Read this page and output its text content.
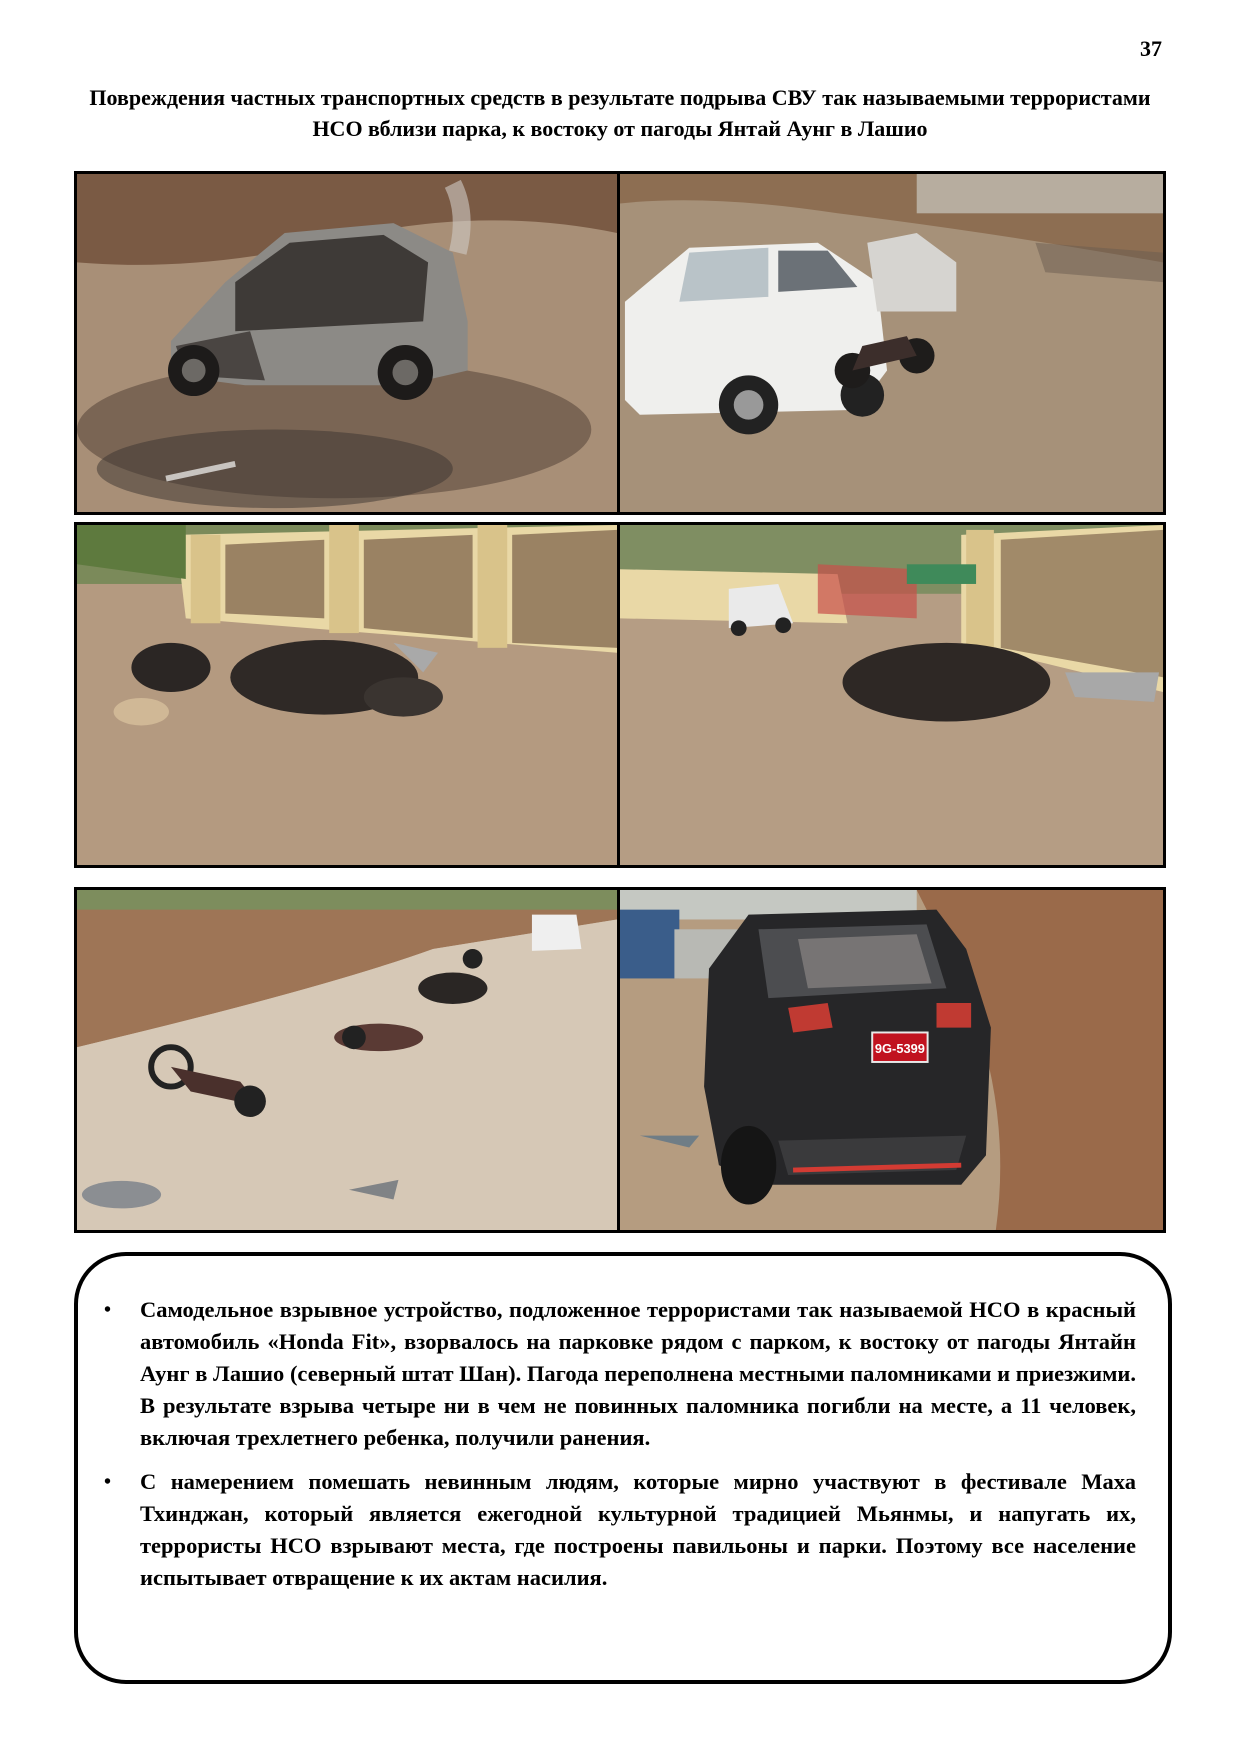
37
Повреждения частных транспортных средств в результате подрыва СВУ так называемыми террористами НСО вблизи парка, к востоку от пагоды Янтай Аунг в Лашио
9G-5399
• Самодельное взрывное устройство, подложенное террористами так называемой НСО в красный автомобиль «Honda Fit», взорвалось на парковке рядом с парком, к востоку от пагоды Янтайн Аунг в Лашио (северный штат Шан). Пагода переполнена местными паломниками и приезжими. В результате взрыва четыре ни в чем не повинных паломника погибли на месте, а 11 человек, включая трехлетнего ребенка, получили ранения.
• С намерением помешать невинным людям, которые мирно участвуют в фестивале Маха Тхинджан, который является ежегодной культурной традицией Мьянмы, и напугать их, террористы НСО взрывают места, где построены павильоны и парки. Поэтому все население испытывает отвращение к их актам насилия.
